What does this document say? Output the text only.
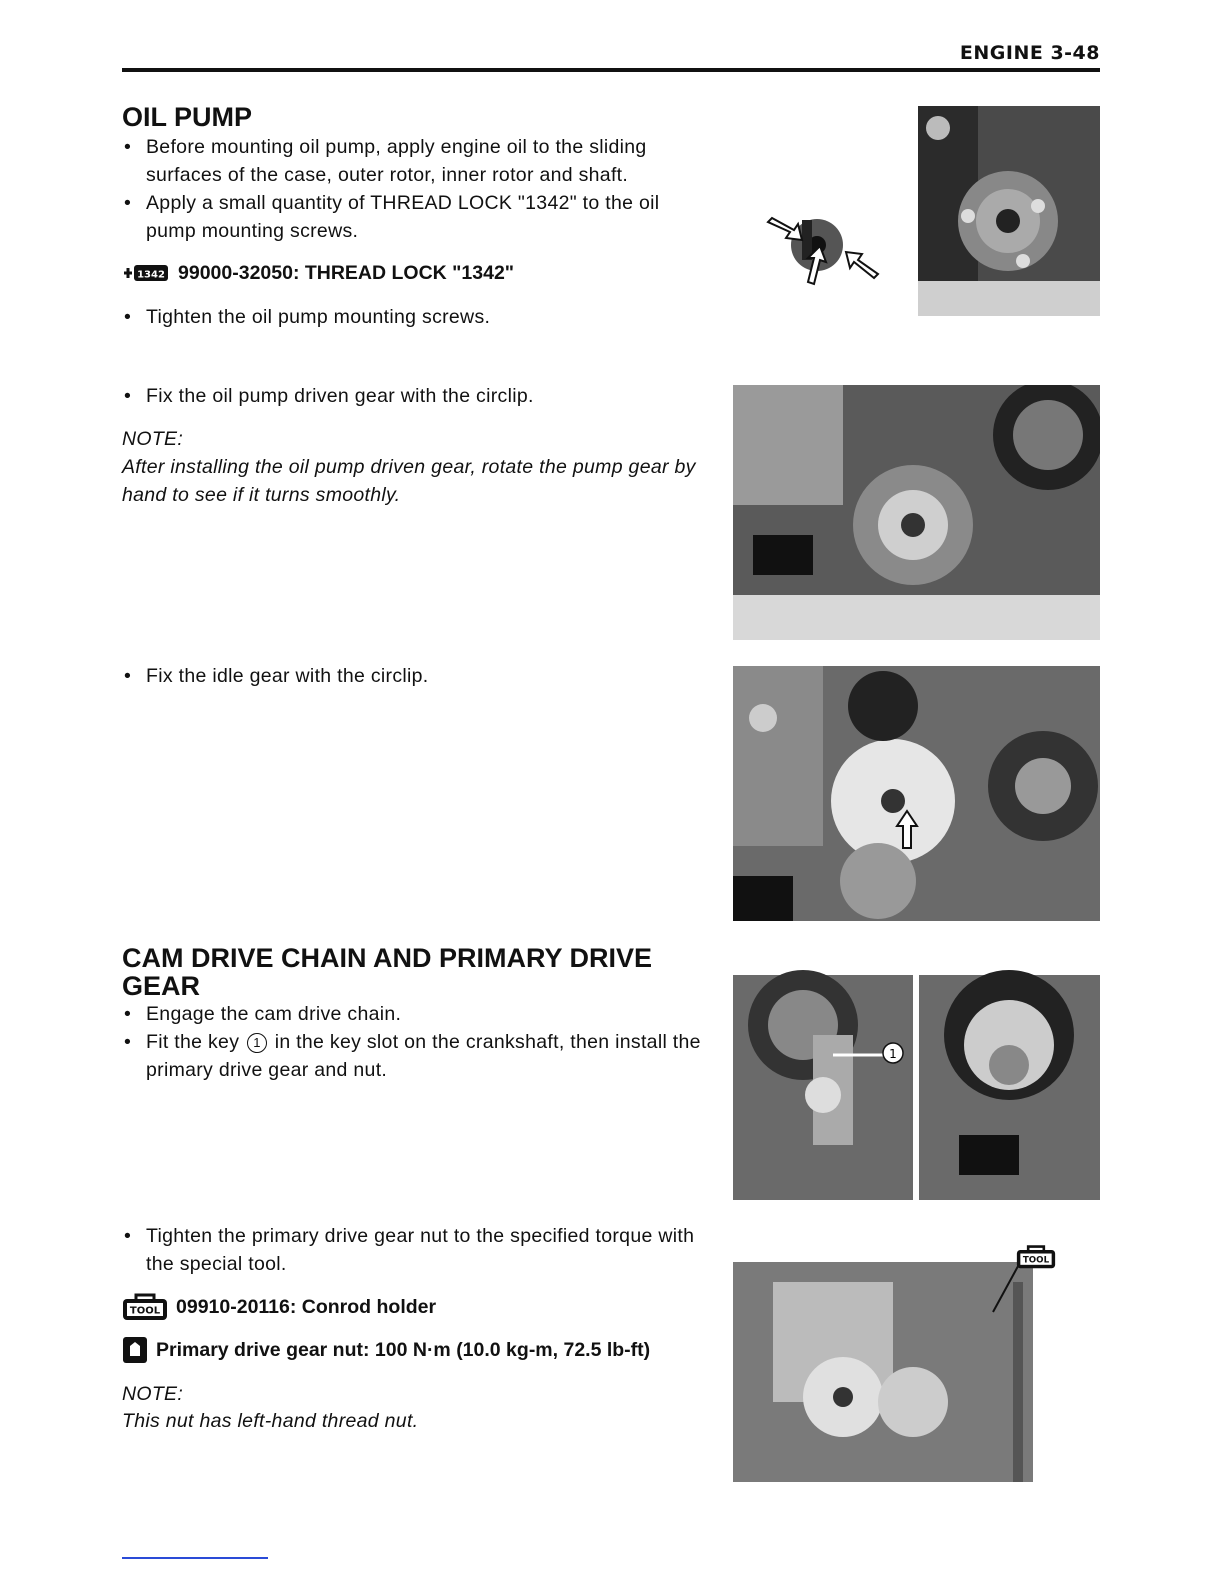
ENGINE 3-48
OIL PUMP
• Before mounting oil pump, apply engine oil to the sliding surfaces of the case, outer rotor, inner rotor and shaft.
• Apply a small quantity of THREAD LOCK "1342" to the oil pump mounting screws.
1342 99000-32050: THREAD LOCK "1342"
• Tighten the oil pump mounting screws.
• Fix the oil pump driven gear with the circlip.
NOTE:
After installing the oil pump driven gear, rotate the pump gear by hand to see if it turns smoothly.
• Fix the idle gear with the circlip.
CAM DRIVE CHAIN AND PRIMARY DRIVE GEAR
• Engage the cam drive chain.
• Fit the key 1 in the key slot on the crankshaft, then install the primary drive gear and nut.
• Tighten the primary drive gear nut to the specified torque with the special tool.
TOOL 09910-20116: Conrod holder
Primary drive gear nut: 100 N·m (10.0 kg-m, 72.5 lb-ft)
NOTE:
This nut has left-hand thread nut.
1
TOOL
